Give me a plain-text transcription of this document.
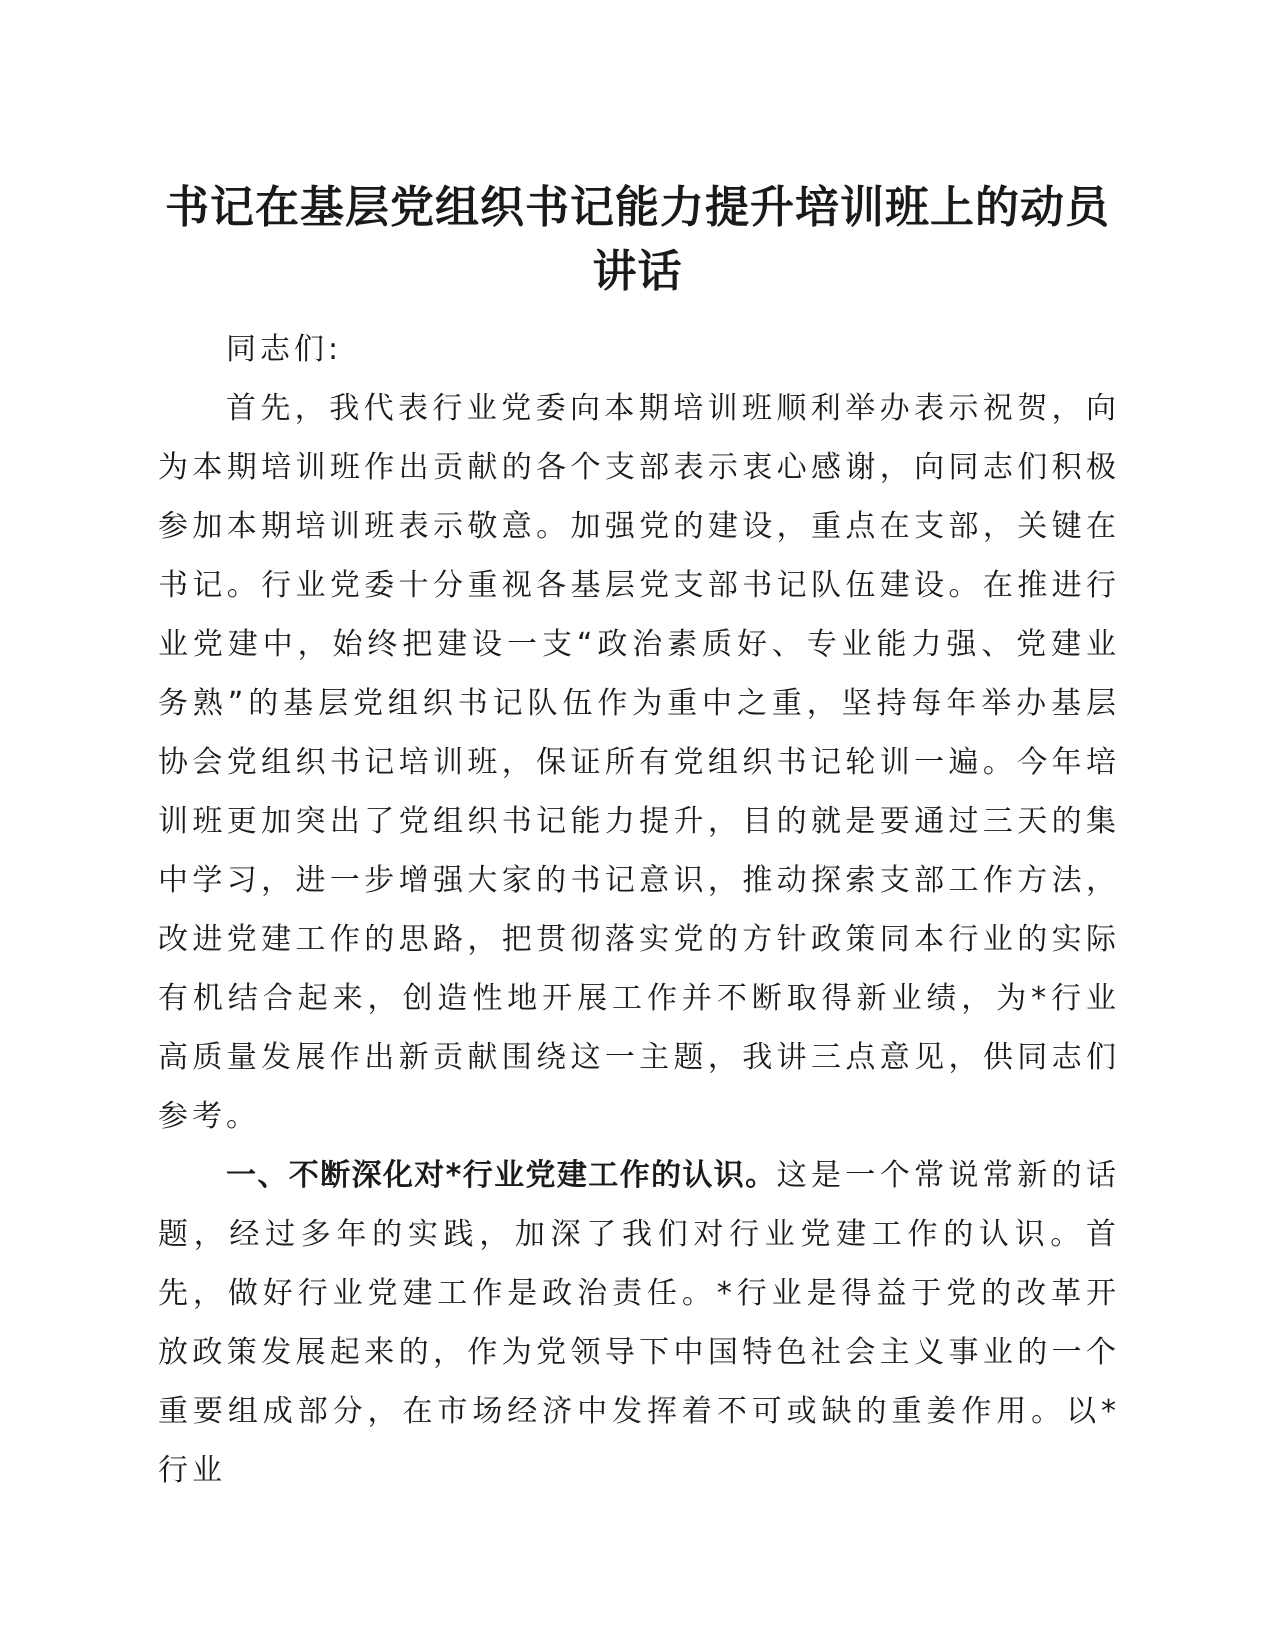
书记在基层党组织书记能力提升培训班上的动员讲话

同志们:

首先，我代表行业党委向本期培训班顺利举办表示祝贺，向为本期培训班作出贡献的各个支部表示衷心感谢，向同志们积极参加本期培训班表示敬意。加强党的建设，重点在支部，关键在书记。行业党委十分重视各基层党支部书记队伍建设。在推进行业党建中，始终把建设一支“政治素质好、专业能力强、党建业务熟”的基层党组织书记队伍作为重中之重，坚持每年举办基层协会党组织书记培训班，保证所有党组织书记轮训一遍。今年培训班更加突出了党组织书记能力提升，目的就是要通过三天的集中学习，进一步增强大家的书记意识，推动探索支部工作方法，改进党建工作的思路，把贯彻落实党的方针政策同本行业的实际有机结合起来，创造性地开展工作并不断取得新业绩，为*行业高质量发展作出新贡献围绕这一主题，我讲三点意见，供同志们参考。

一、不断深化对*行业党建工作的认识。这是一个常说常新的话题，经过多年的实践，加深了我们对行业党建工作的认识。首先，做好行业党建工作是政治责任。*行业是得益于党的改革开放政策发展起来的，作为党领导下中国特色社会主义事业的一个重要组成部分，在市场经济中发挥着不可或缺的重姜作用。以*行业
